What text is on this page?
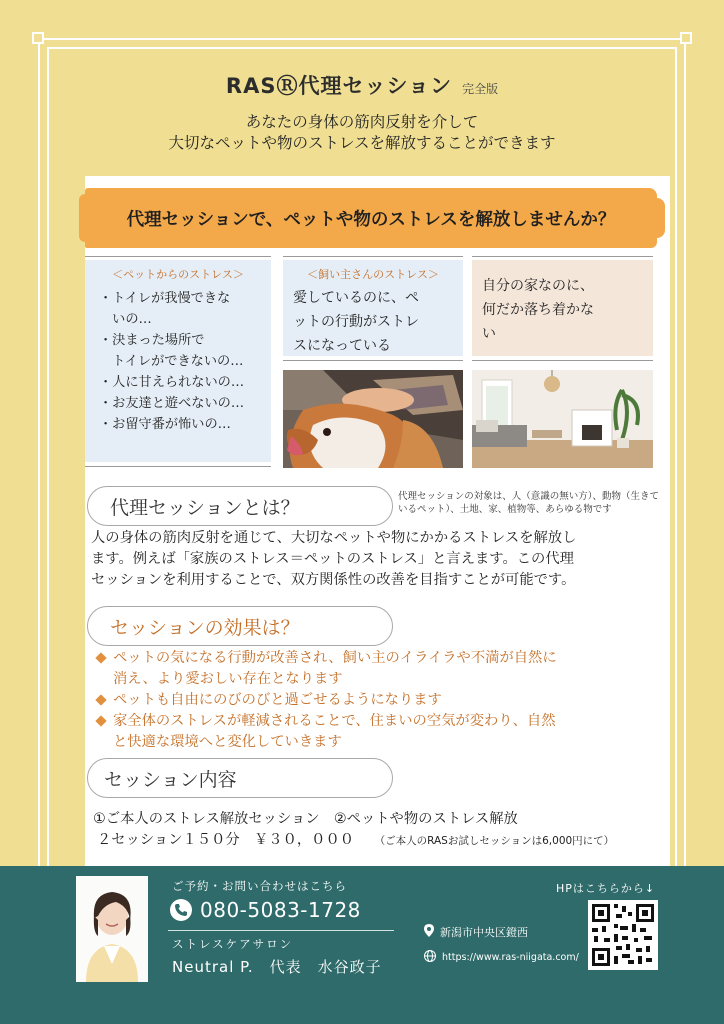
RASⓇ代理セッション 完全版
あなたの身体の筋肉反射を介して
大切なペットや物のストレスを解放することができます
代理セッションで、ペットや物のストレスを解放しませんか？
＜ペットからのストレス＞
・トイレが我慢できな
　いの…
・決まった場所で
　トイレができないの…
・人に甘えられないの…
・お友達と遊べないの…
・お留守番が怖いの…
＜飼い主さんのストレス＞
愛しているのに、ペ
ットの行動がストレ
スになっている
自分の家なのに、
何だか落ち着かな
い
代理セッションとは？	代理セッションの対象は、人（意識の無い方）、動物（生きて
いるペット）、土地、家、植物等、あらゆる物です
人の身体の筋肉反射を通じて、大切なペットや物にかかるストレスを解放し
ます。例えば「家族のストレス＝ペットのストレス」と言えます。この代理
セッションを利用することで、双方関係性の改善を目指すことが可能です。
セッションの効果は？
ペットの気になる行動が改善され、飼い主のイライラや不満が自然に
消え、より愛おしい存在となります
ペットも自由にのびのびと過ごせるようになります
家全体のストレスが軽減されることで、住まいの空気が変わり、自然
と快適な環境へと変化していきます
セッション内容
①ご本人のストレス解放セッション　②ペットや物のストレス解放
２セッション１５０分　￥３０，０００ （ご本人のRASお試しセッションは6,000円にて）
ご予約・お問い合わせはこちら
080-5083-1728
ストレスケアサロン
Neutral P.　代表　水谷政子
新潟市中央区鐙西
https://www.ras-niigata.com/
HPはこちらから↓
